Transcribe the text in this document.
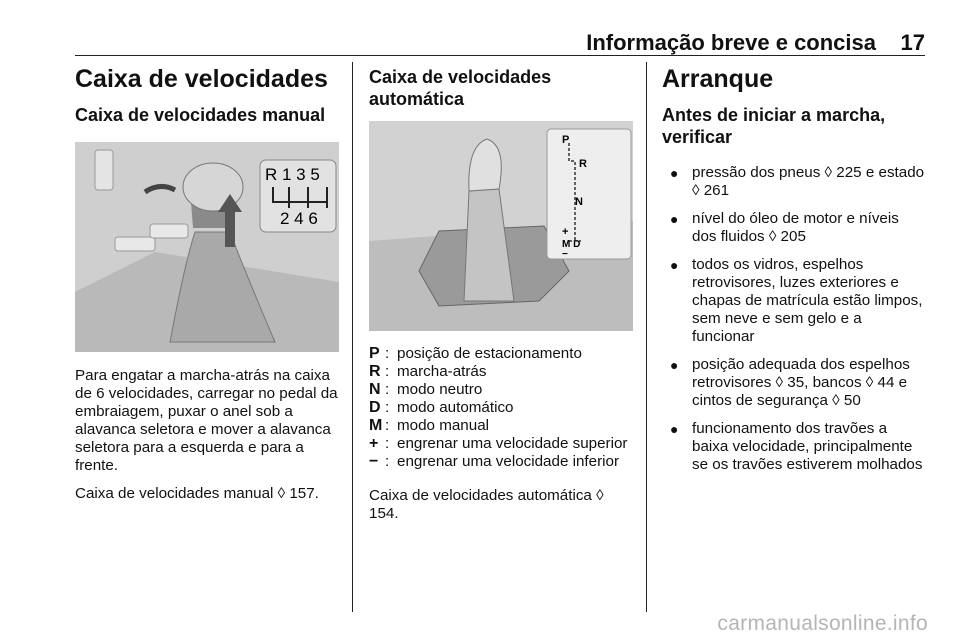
Informação breve e concisa 17
Caixa de velocidades
Caixa de velocidades manual
R 1 3 5
2 4 6

Para engatar a marcha-atrás na caixa de 6 velocidades, carregar no pedal da embraiagem, puxar o anel sob a alavanca seletora e mover a alavanca seletora para a esquerda e para a frente.

Caixa de velocidades manual ◊ 157.

Caixa de velocidades automática
P
R
N
+
M D
−
P : posição de estacionamento
R : marcha-atrás
N : modo neutro
D : modo automático
M : modo manual
+ : engrenar uma velocidade superior
− : engrenar uma velocidade inferior

Caixa de velocidades automática ◊ 154.

Arranque
Antes de iniciar a marcha, verificar
● pressão dos pneus ◊ 225 e estado ◊ 261
● nível do óleo de motor e níveis dos fluidos ◊ 205
● todos os vidros, espelhos retrovisores, luzes exteriores e chapas de matrícula estão limpos, sem neve e sem gelo e a funcionar
● posição adequada dos espelhos retrovisores ◊ 35, bancos ◊ 44 e cintos de segurança ◊ 50
● funcionamento dos travões a baixa velocidade, principalmente se os travões estiverem molhados
carmanualsonline.info
